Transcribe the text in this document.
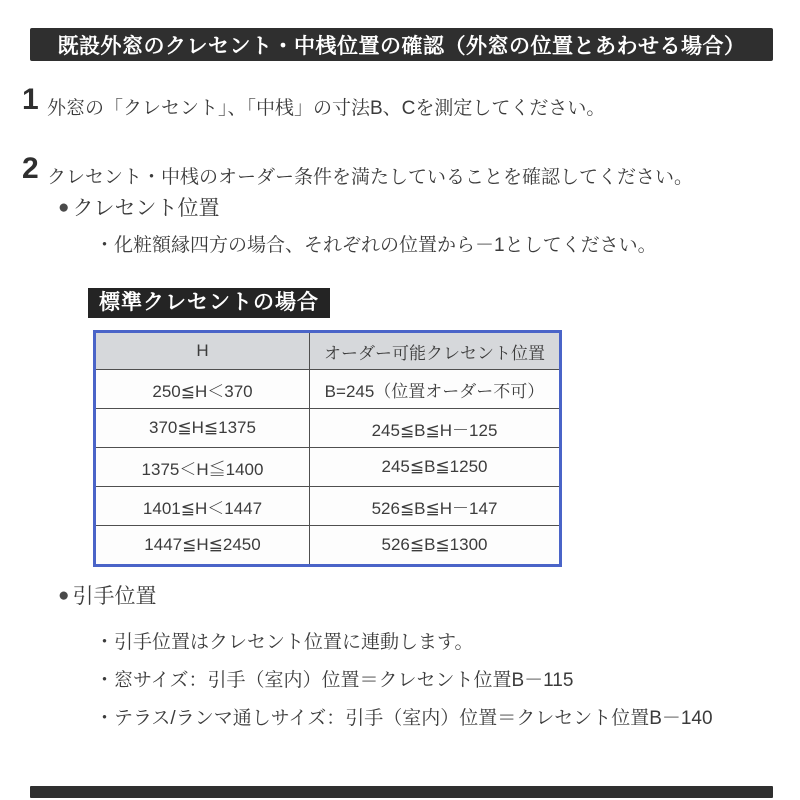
既設外窓のクレセント・中桟位置の確認（外窓の位置とあわせる場合）
1 外窓の「クレセント」、「中桟」の寸法B、Cを測定してください。
2 クレセント・中桟のオーダー条件を満たしていることを確認してください。
● クレセント位置
・化粧額縁四方の場合、それぞれの位置から－1としてください。
標準クレセントの場合
H	オーダー可能クレセント位置
250≦H＜370	B=245（位置オーダー不可）
370≦H≦1375	245≦B≦H－125
1375＜H≦1400	245≦B≦1250
1401≦H＜1447	526≦B≦H－147
1447≦H≦2450	526≦B≦1300
● 引手位置
・引手位置はクレセント位置に連動します。
・窓サイズ：引手（室内）位置＝クレセント位置B－115
・テラス/ランマ通しサイズ：引手（室内）位置＝クレセント位置B－140
